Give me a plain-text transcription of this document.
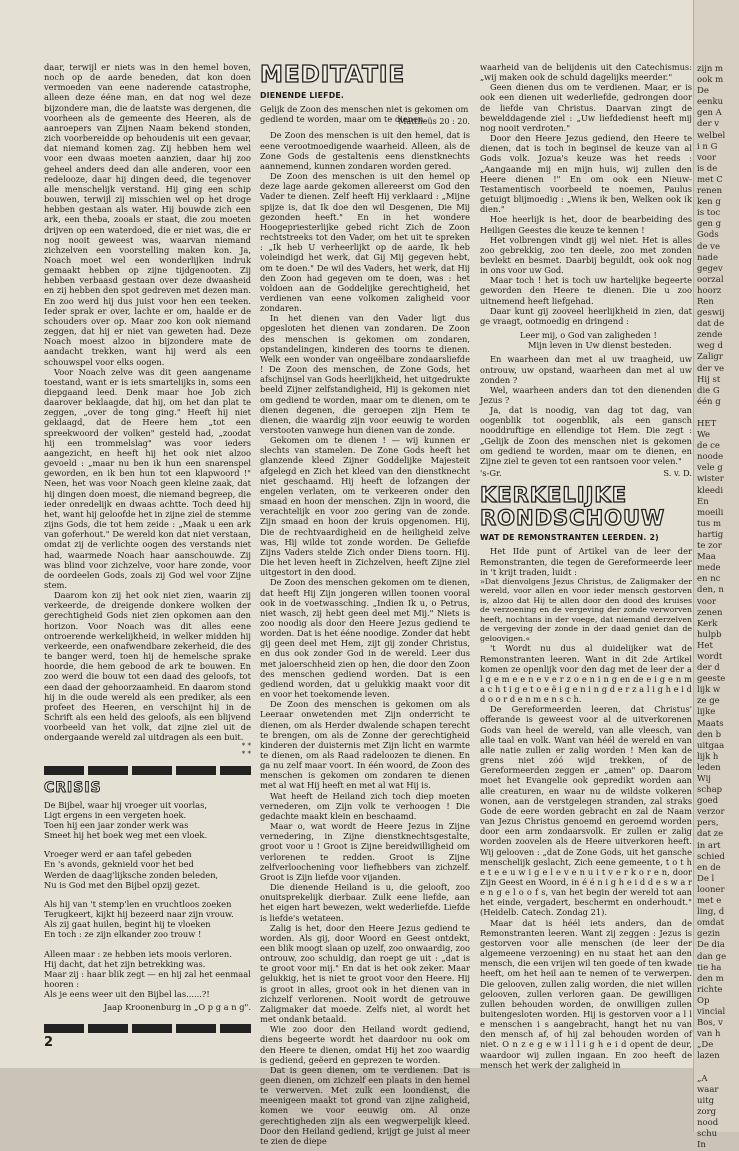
daar, terwijl er niets was in den hemel boven, noch op de aarde beneden, dat kon doen vermoeden van eene naderende catastrophe, alleen deze ééne man, en dat nog wel deze bijzondere man, die de laatste was dergenen, die voorheen als de gemeente des Heeren, als de aanroepers van Zijnen Naam bekend stonden, zich voorbereidde op behoudenis uit een gevaar, dat niemand komen zag. Zij hebben hem wel voor een dwaas moeten aanzien, daar hij zoo geheel anders deed dan alle anderen, voor een redelooze, daar hij dingen deed, die tegenover alle menschelijk verstand. Hij ging een schip bouwen, terwijl zij misschien wel op het droge hebben gestaan als water. Hij bouwde zich een ark, een theba, zooals er staat, die zou moeten drijven op een waterdoed, die er niet was, die er nog nooit geweest was, waarvan niemand zichzelven een voorstelling maken kon. Ja, Noach moet wel een wonderlijken indruk gemaakt hebben op zijne tijdgenooten. Zij hebben verbaasd gestaan over deze dwaasheid en zij hebben den spot gedreven met dezen man. En zoo werd hij dus juist voor hen een teeken. Ieder sprak er over, lachte er om, haalde er de schouders over op. Maar zoo kon ook niemand zeggen, dat hij er niet van geweten had. Deze Noach moest alzoo in bijzondere mate de aandacht trekken, want hij werd als een schouwspel voor elks oogen.

Voor Noach zelve was dit geen aangename toestand, want er is iets smartelijks in, soms een diepgaand leed. Denk maar hoe Job zich daarover beklaagde, dat hij, om het dan plat te zeggen, „over de tong ging." Heeft hij niet geklaagd, dat de Heere hem „tot een spreekwoord der volken" gesteld had, „zoodat hij een trommelslag" was voor ieders aangezicht, en heeft hij het ook niet alzoo gevoeld : „maar nu ben ik hun een snarenspel geworden, en ik ben hun tot een klapwoord !" Neen, het was voor Noach geen kleine zaak, dat hij dingen doen moest, die niemand begreep, die ieder onredelijk en dwaas achtte. Toch deed hij het, want hij geloofde het in zijne ziel de stemme zijns Gods, die tot hem zeide : „Maak u een ark van goferhout." De wereld kon dat niet verstaan, omdat zij de verlichte oogen des verstands niet had, waarmede Noach haar aanschouwde. Zij was blind voor zichzelve, voor hare zonde, voor de oordeelen Gods, zoals zij God wel voor Zijne stem.

Daarom kon zij het ook niet zien, waarin zij verkeerde, de dreigende donkere wolken der gerechtigheid Gods niet zien opkomen aan den horizon. Voor Noach was dit alles eene ontroerende werkelijkheid, in welker midden hij verkeerde, een onafwendbare zekerheid, die des te banger werd, toen hij de hemelsche sprake hoorde, die hem gebood de ark te bouwen. En zoo werd die bouw tot een daad des geloofs, tot een daad der gehoorzaamheid. En daarom stond hij in die oude wereld als een prediker, als een profeet des Heeren, en verschijnt hij in de Schrift als een held des geloofs, als een blijvend voorbeeld van het volk, dat zijne ziel uit de ondergaande wereld zal uitdragen als een buit.

* *
* *
CRISIS
De Bijbel, waar hij vroeger uit voorlas,
Ligt ergens in een vergeten hoek.
Toen hij een jaar zonder werk was
Smeet hij het boek weg met een vloek.
Vroeger werd er aan tafel gebeden
En 's avonds, geknield voor het bed
Werden de daag'lijksche zonden beleden,
Nu is God met den Bijbel opzij gezet.
Als hij van 't stemp'len en vruchtloos zoeken
Terugkeert, kijkt hij bezeerd naar zijn vrouw.
Als zij gaat huilen, begint hij te vloeken
En toch : ze zijn elkander zoo trouw !
Alleen maar : ze hebben iets moois verloren.
Hij dacht, dat het zijn betrekking was.
Maar zij : haar blik zegt — en hij zal het eenmaal hooren :
Als je eens weer uit den Bijbel las......?!
Jaap Kroonenburg in „O p g a n g".
MEDITATIE
DIENENDE LIEFDE.

Gelijk de Zoon des menschen niet is gekomen om gediend te worden, maar om te dienen.

Mattheüs 20 : 20.

De Zoon des menschen is uit den hemel, dat is eene verootmoedigende waarheid. Alleen, als de Zone Gods de gestaltenis eens dienstknechts aannemend, kunnen zondaren worden gered.

De Zoon des menschen is uit den hemel op deze lage aarde gekomen allereerst om God den Vader te dienen. Zelf heeft Hij verklaard : „Mijne spijze is, dat Ik doe den wil Desgenen, Die Mij gezonden heeft." En in het wondere Hoogepriesterlijke gebed richt Zich de Zoon rechtstreeks tot den Vader, om het uit te spreken : „Ik heb U verheerlijkt op de aarde, Ik heb voleindigd het werk, dat Gij Mij gegeven hebt, om te doen." De wil des Vaders, het werk, dat Hij den Zoon had gegeven om te doen, was : het voldoen aan de Goddelijke gerechtigheid, het verdienen van eene volkomen zaligheid voor zondaren.

In het dienen van den Vader ligt dus opgesloten het dienen van zondaren. De Zoon des menschen is gekomen om zondaren, opstandelingen, kinderen des toorns te dienen. Welk een wonder van ongeëlbare zondaarsliefde ! De Zoon des menschen, de Zone Gods, het afschijnsel van Gods heerlijkheid, het uitgedrukte beeld Zijner zelfstandigheid, Hij is gekomen niet om gediend te worden, maar om te dienen, om te dienen degenen, die geroepen zijn Hem te dienen, die waardig zijn voor eeuwig te worden verstooten vanwege hun dienen van de zonde.

Gekomen om te dienen ! — wij kunnen er slechts van stamelen. De Zone Gods heeft het glanzende kleed Zijner Goddelijke Majesteit afgelegd en Zich het kleed van den dienstknecht niet geschaamd. Hij heeft de lofzangen der engelen verlaten, om te verkeeren onder den smaad en hoon der menschen. Zijn in woord, die verachtelijk en voor zoo gering van de zonde. Zijn smaad en hoon der kruis opgenomen. Hij, Die de rechtvaardigheid en de heiligheid zelve was, Hij wilde tot zonde worden. De Geliefde Zijns Vaders stelde Zich onder Diens toorn. Hij. Die het leven heeft in Zichzelven, heeft Zijne ziel uitgestort in den dood.

De Zoon des menschen gekomen om te dienen, dat heeft Hij Zijn jongeren willen toonen vooral ook in de voetwassching. „Indien Ik u, o Petrus, niet wasch, zij hebt geen deel met Mij." Niets is zoo noodig als door den Heere Jezus gediend te worden. Dat is het ééne noodige. Zonder dat hebt gij geen deel met Hem, zijt gij zonder Christus, en dus ook zonder God in de wereld. Leer dus met jaloerschheid zien op hen, die door den Zoon des menschen gediend worden. Dat is een gediend worden, dat u gelukkig maakt voor dit en voor het toekomende leven.

De Zoon des menschen is gekomen om als Leeraar onwetenden met Zijn onderricht te dienen, om als Herder dwalende schapen terecht te brengen, om als de Zonne der gerechtigheid kinderen der duisternis met Zijn licht en warmte te dienen, om als Raad radeloozen te dienen. En ga nu zelf maar voort. In één woord, de Zoon des menschen is gekomen om zondaren te dienen met al wat Hij heeft en met al wat Hij is.

Wat heeft de Heiland zich toch diep moeten vernederen, om Zijn volk te verhoogen ! Die gedachte maakt klein en beschaamd.

Maar o, wat wordt de Heere Jezus in Zijne vernedering, in Zijne dienstknechtsgestalte, groot voor u ! Groot is Zijne bereidwilligheid om verlorenen te redden. Groot is Zijne zelfverloochening voor liefhebbers van zichzelf. Groot is Zijn liefde voor vijanden.

Die dienende Heiland is u, die gelooft, zoo onuitsprekelijk dierbaar. Zulk eene liefde, aan het eigen hart bewezen, wekt wederliefde. Liefde is liefde's wetateen.

Zalig is het, door den Heere Jezus gediend te worden. Als gij, door Woord en Geest ontdekt, een blik moogt slaan op uzelf, zoo onwaardig, zoo ontrouw, zoo schuldig, dan roept ge uit : „dat is te groot voor mij." En dat is het ook zeker. Maar gelukkig, het is niet te groot voor den Heere. Hij is groot in alles, groot ook in het dienen van in zichzelf verlorenen. Nooit wordt de getrouwe Zaligmaker dat moede. Zelfs niet, al wordt het met ondank betaald.

Wie zoo door den Heiland wordt gediend, diens begeerte wordt het daardoor nu ook om den Heere te dienen, omdat Hij het zoo waardig is gediend, geëerd en geprezen te worden.

Dat is geen dienen, om te verdienen. Dat is geen dienen, om zichzelf een plaats in den hemel te verwerven. Met zulk een loondienst, die meenigeen maakt tot grond van zijne zaligheid, komen we voor eeuwig om. Al onze gerechtigheden zijn als een wegwerpelijk kleed. Door den Heiland gediend, krijgt ge juist al meer te zien de diepe

waarheid van de belijdenis uit den Catechismus: „wij maken ook de schuld dagelijks meerder."

Geen dienen dus om te verdienen. Maar, er is ook een dienen uit wederliefde, gedrongen door de liefde van Christus. Daarvan zingt de bewelddagende ziel : „Uw liefdedienst heeft mij nog nooit verdroten."

Door den Heere Jezus gediend, den Heere te dienen, dat is toch in beginsel de keuze van al Gods volk. Jozua's keuze was het reeds : „Aangaande mij en mijn huis, wij zullen den Heere dienen !" En om ook een Nieuw-Testamentisch voorbeeld te noemen, Paulus getuigt blijmoedig : „Wiens ik ben, Welken ook ik dien."

Hoe heerlijk is het, door de bearbeiding des Heiligen Geestes die keuze te kennen !

Het volbrengen vindt gij wel niet. Het is alles zoo gebrekkig, zoo ten deele, zoo met zonden bevlekt en besmet. Daarbij beguldt, ook ook nog in ons voor uw God.

Maar toch ! het is toch uw hartelijke begeerte geworden den Heere te dienen. Die u zoo uitnemend heeft liefgehad.

Daar kunt gij zooveel heerlijkheid in zien, dat ge vraagt, ootmoedig en dringend :

Leer mij, o God van zaligheden !
Mijn leven in Uw dienst besteden.

En waarheen dan met al uw traagheid, uw ontrouw, uw opstand, waarheen dan met al uw zonden ?

Wel, waarheen anders dan tot den dienenden Jezus ?

Ja, dat is noodig, van dag tot dag, van oogenblik tot oogenblik, als een gansch nooddruftige en ellendige tot Hem. Die zegt : „Gelijk de Zoon des menschen niet is gekomen om gediend te worden, maar om te dienen, en Zijne ziel te geven tot een rantsoen voor velen."

's-Gr.	S. v. D.
KERKELIJKE
RONDSCHOUW
WAT DE REMONSTRANTEN LEERDEN. 2)

Het IIde punt of Artikel van de leer der Remonstranten, die tegen de Gereformeerde leer in 't krijt traden, luidt :

»Dat dienvolgens Jezus Christus, de Zaligmaker der wereld, voor allen en voor ieder mensch gestorven is, alzoo dat Hij te allen door den dood des kruises de verzoening en de vergeving der zonde verworven heeft, nochtans in der voege, dat niemand derzelven de vergeving der zonde in der daad geniet dan de geloovigen.«

't Wordt nu dus al duidelijker wat de Remonstranten leeren. Want in dit 2de Artikel komen ze openlijk voor den dag met de leer der a l g e m e e n e v e r z o e n i n g en de e i g e n m a c h t i g e t o e ë i g e n i n g d e r z a l i g h e i d d o o r d e n m e n s c h.

De Gereformeerden leeren, dat Christus' offerande is geweest voor al de uitverkorenen Gods van heel de wereld, van alle vleesch, van alle taal en volk. Want van héél de wereld en van alle natie zullen er zalig worden ! Men kan de grens niet zóó wijd trekken, of de Gereformeerden zeggen er „amen" op. Daarom moet het Evangelie ook gepredikt worden aan alle creaturen, en waar nu de wildste volkeren wonen, aan de verstgelegen stranden, zal straks Gode de eere worden gebracht en zal de Naam van Jezus Christus genoemd en geroemd worden door een arm zondaarsvolk. Er zullen er zalig worden zoovelen als de Heere uitverkoren heeft. Wij gelooven : „dat de Zone Gods, uit het gansche menschelijk geslacht, Zich eene gemeente, t o t h e t e e u w i g e l e v e n u i t v e r k o r e n, door Zijn Geest en Woord, in é é n i g h e i d d e s w a r e n g e l o o f s, van het begin der wereld tot aan het einde, vergadert, beschermt en onderhoudt." (Heidelb. Catech. Zondag 21).

Maar dat is héél iets anders, dan de Remonstranten leeren. Want zij zeggen : Jezus is gestorven voor alle menschen (de leer der algemeene verzoening) en nu staat het aan den mensch, die een vrijen wil ten goede of ten kwade heeft, om het heil aan te nemen of te verwerpen. Die gelooven, zullen zalig worden, die niet willen gelooven, zullen verloren gaan. De gewilligen zullen behouden worden, de onwilligen zullen buitengesloten worden. Hij is gestorven voor a l l e menschen i s aangebracht, hangt het nu van den mensch af, of hij zal behouden worden of niet. O n z e g e w i l l i g h e i d opent de deur, waardoor wij zullen ingaan. En zoo heeft de mensch het werk der zaligheid in

2
zijn m
ook m
De
eenku
gen A
der v
welbel
i n G
voor
is de
met C
renen
ken g
is toc
gen g
Gods
de ve
nade
gegev
oorzal
hoorz
Ren
geswij
dat de
zende
weg d
Zaligr
der ve
Hij st
die G
één g

HET
We
de ce
noode
vele g
wister
kleedi
En
moeili
tus m
hartig
te zor
Maa
mede
en nc
den, n
voor
zenen
Kerk
hulpb
Het
wordt
der d
geeste
lijk w
ze ge
lijke
Maats
den b
uitgaa
lijk h
leden
Wij
schap
goed
verzor
pers,
dat ze
in art
schied
en de
De l
looner
met e
ling, d
omdat
gezin
De dia
dan ge
tie ha
den m
richte
Op
vincial
Bos, v
van h
„De
lazen

„A
waar
uitg
zorg
nood
schu
In
